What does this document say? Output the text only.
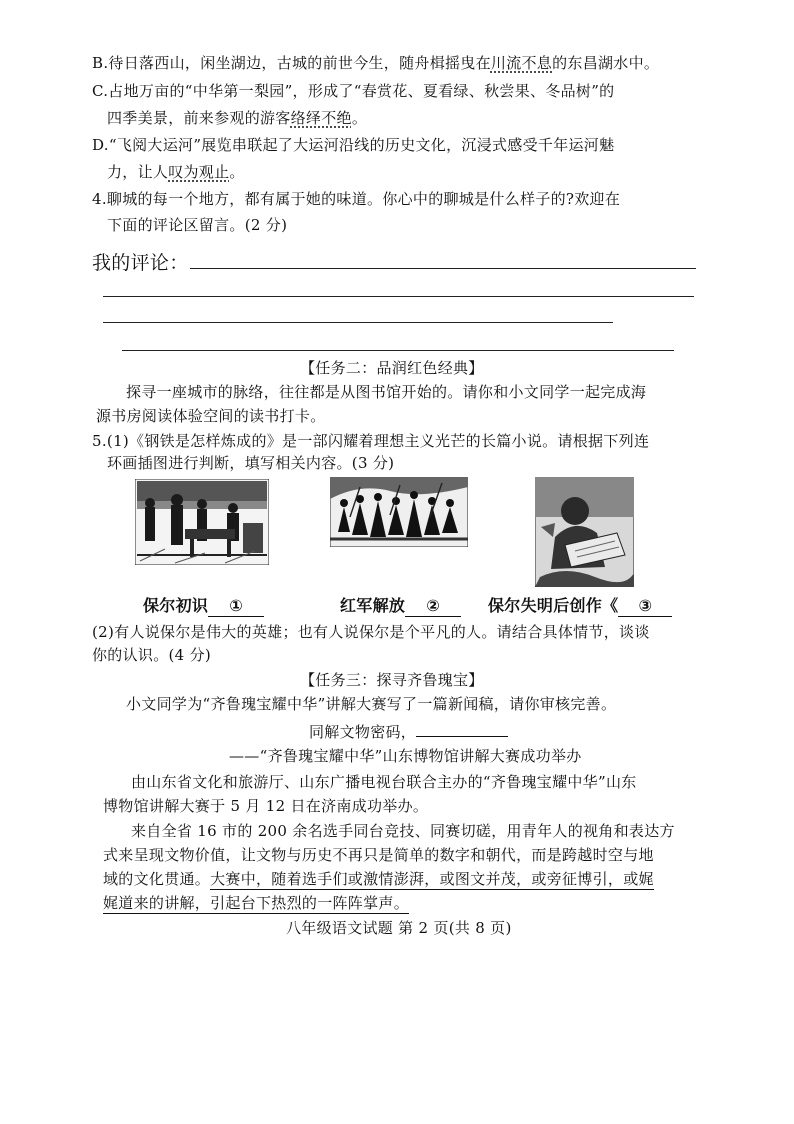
B.待日落西山，闲坐湖边，古城的前世今生，随舟楫摇曳在川流不息的东昌湖水中。
C.占地万亩的“中华第一梨园”，形成了“春赏花、夏看绿、秋尝果、冬品树”的
四季美景，前来参观的游客络绎不绝。
D.“飞阅大运河”展览串联起了大运河沿线的历史文化，沉浸式感受千年运河魅
力，让人叹为观止。
4.聊城的每一个地方，都有属于她的味道。你心中的聊城是什么样子的?欢迎在
下面的评论区留言。(2 分)
我的评论：
【任务二：品润红色经典】
探寻一座城市的脉络，往往都是从图书馆开始的。请你和小文同学一起完成海
源书房阅读体验空间的读书打卡。
5.(1)《钢铁是怎样炼成的》是一部闪耀着理想主义光芒的长篇小说。请根据下列连
环画插图进行判断，填写相关内容。(3 分)
保尔初识 ①	红军解放 ②	保尔失明后创作《 ③
(2)有人说保尔是伟大的英雄；也有人说保尔是个平凡的人。请结合具体情节，谈谈
你的认识。(4 分)
【任务三：探寻齐鲁瑰宝】
小文同学为“齐鲁瑰宝耀中华”讲解大赛写了一篇新闻稿，请你审核完善。
同解文物密码，
——“齐鲁瑰宝耀中华”山东博物馆讲解大赛成功举办
由山东省文化和旅游厅、山东广播电视台联合主办的“齐鲁瑰宝耀中华”山东
博物馆讲解大赛于 5 月 12 日在济南成功举办。
来自全省 16 市的 200 余名选手同台竞技、同赛切磋，用青年人的视角和表达方
式来呈现文物价值，让文物与历史不再只是简单的数字和朝代，而是跨越时空与地
域的文化贯通。大赛中，随着选手们或激情澎湃，或图文并茂，或旁征博引，或娓
娓道来的讲解，引起台下热烈的一阵阵掌声。
八年级语文试题 第 2 页(共 8 页)
